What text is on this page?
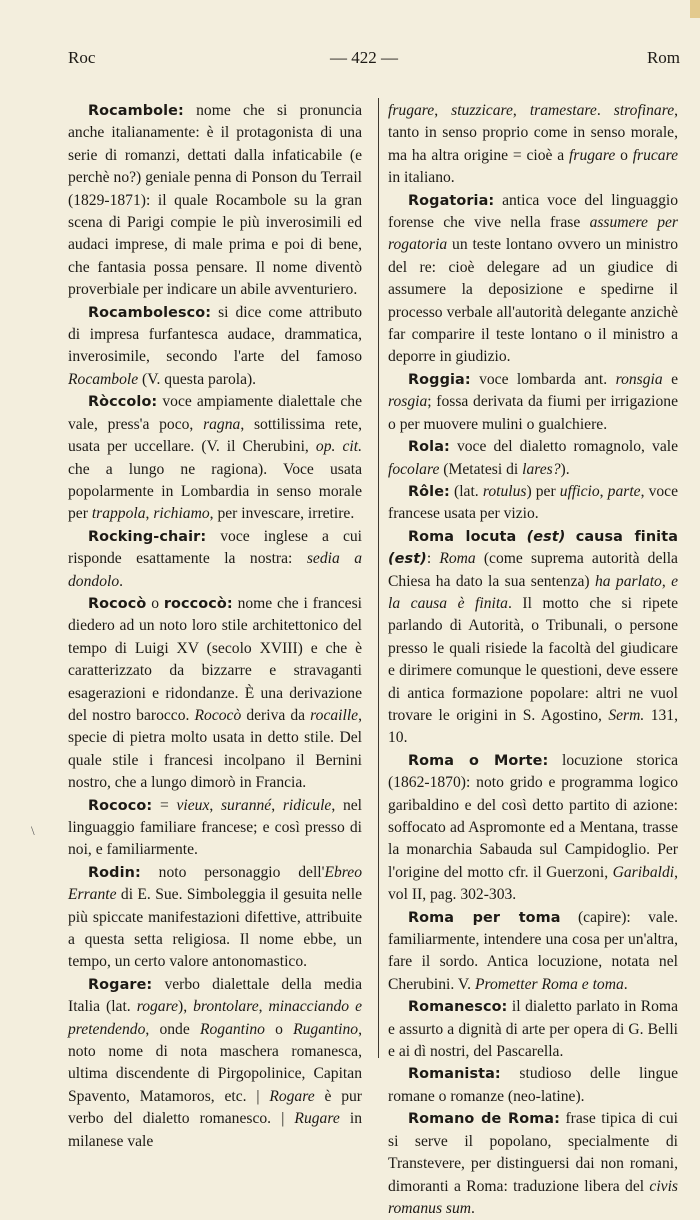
Roc	— 422 —	Rom
\
Rocambole: nome che si pronuncia anche italianamente: è il protagonista di una serie di romanzi, dettati dalla infaticabile (e perchè no?) geniale penna di Ponson du Terrail (1829-1871): il quale Rocambole su la gran scena di Parigi compie le più inverosimili ed audaci imprese, di male prima e poi di bene, che fantasia possa pensare. Il nome diventò proverbiale per indicare un abile avventuriero.
Rocambolesco: si dice come attributo di impresa furfantesca audace, drammatica, inverosimile, secondo l'arte del famoso Rocambole (V. questa parola).
Ròccolo: voce ampiamente dialettale che vale, press'a poco, ragna, sottilissima rete, usata per uccellare. (V. il Cherubini, op. cit. che a lungo ne ragiona). Voce usata popolarmente in Lombardia in senso morale per trappola, richiamo, per invescare, irretire.
Rocking-chair: voce inglese a cui risponde esattamente la nostra: sedia a dondolo.
Rococò o roccocò: nome che i francesi diedero ad un noto loro stile architettonico del tempo di Luigi XV (secolo XVIII) e che è caratterizzato da bizzarre e stravaganti esagerazioni e ridondanze. È una derivazione del nostro barocco. Rococò deriva da rocaille, specie di pietra molto usata in detto stile. Del quale stile i francesi incolpano il Bernini nostro, che a lungo dimorò in Francia.
Rococo: = vieux, suranné, ridicule, nel linguaggio familiare francese; e così presso di noi, e familiarmente.
Rodin: noto personaggio dell'Ebreo Errante di E. Sue. Simboleggia il gesuita nelle più spiccate manifestazioni difettive, attribuite a questa setta religiosa. Il nome ebbe, un tempo, un certo valore antonomastico.
Rogare: verbo dialettale della media Italia (lat. rogare), brontolare, minacciando e pretendendo, onde Rogantino o Rugantino, noto nome di nota maschera romanesca, ultima discendente di Pirgopolinice, Capitan Spavento, Matamoros, etc. | Rogare è pur verbo del dialetto romanesco. | Rugare in milanese vale
frugare, stuzzicare, tramestare. strofinare, tanto in senso proprio come in senso morale, ma ha altra origine = cioè a frugare o frucare in italiano.
Rogatoria: antica voce del linguaggio forense che vive nella frase assumere per rogatoria un teste lontano ovvero un ministro del re: cioè delegare ad un giudice di assumere la deposizione e spedirne il processo verbale all'autorità delegante anzichè far comparire il teste lontano o il ministro a deporre in giudizio.
Roggia: voce lombarda ant. ronsgia e rosgia; fossa derivata da fiumi per irrigazione o per muovere mulini o gualchiere.
Rola: voce del dialetto romagnolo, vale focolare (Metatesi di lares?).
Rôle: (lat. rotulus) per ufficio, parte, voce francese usata per vizio.
Roma locuta (est) causa finita (est): Roma (come suprema autorità della Chiesa ha dato la sua sentenza) ha parlato, e la causa è finita. Il motto che si ripete parlando di Autorità, o Tribunali, o persone presso le quali risiede la facoltà del giudicare e dirimere comunque le questioni, deve essere di antica formazione popolare: altri ne vuol trovare le origini in S. Agostino, Serm. 131, 10.
Roma o Morte: locuzione storica (1862-1870): noto grido e programma logico garibaldino e del così detto partito di azione: soffocato ad Aspromonte ed a Mentana, trasse la monarchia Sabauda sul Campidoglio. Per l'origine del motto cfr. il Guerzoni, Garibaldi, vol II, pag. 302-303.
Roma per toma (capire): vale. familiarmente, intendere una cosa per un'altra, fare il sordo. Antica locuzione, notata nel Cherubini. V. Prometter Roma e toma.
Romanesco: il dialetto parlato in Roma e assurto a dignità di arte per opera di G. Belli e ai dì nostri, del Pascarella.
Romanista: studioso delle lingue romane o romanze (neo-latine).
Romano de Roma: frase tipica di cui si serve il popolano, specialmente di Transtevere, per distinguersi dai non romani, dimoranti a Roma: traduzione libera del civis romanus sum.
